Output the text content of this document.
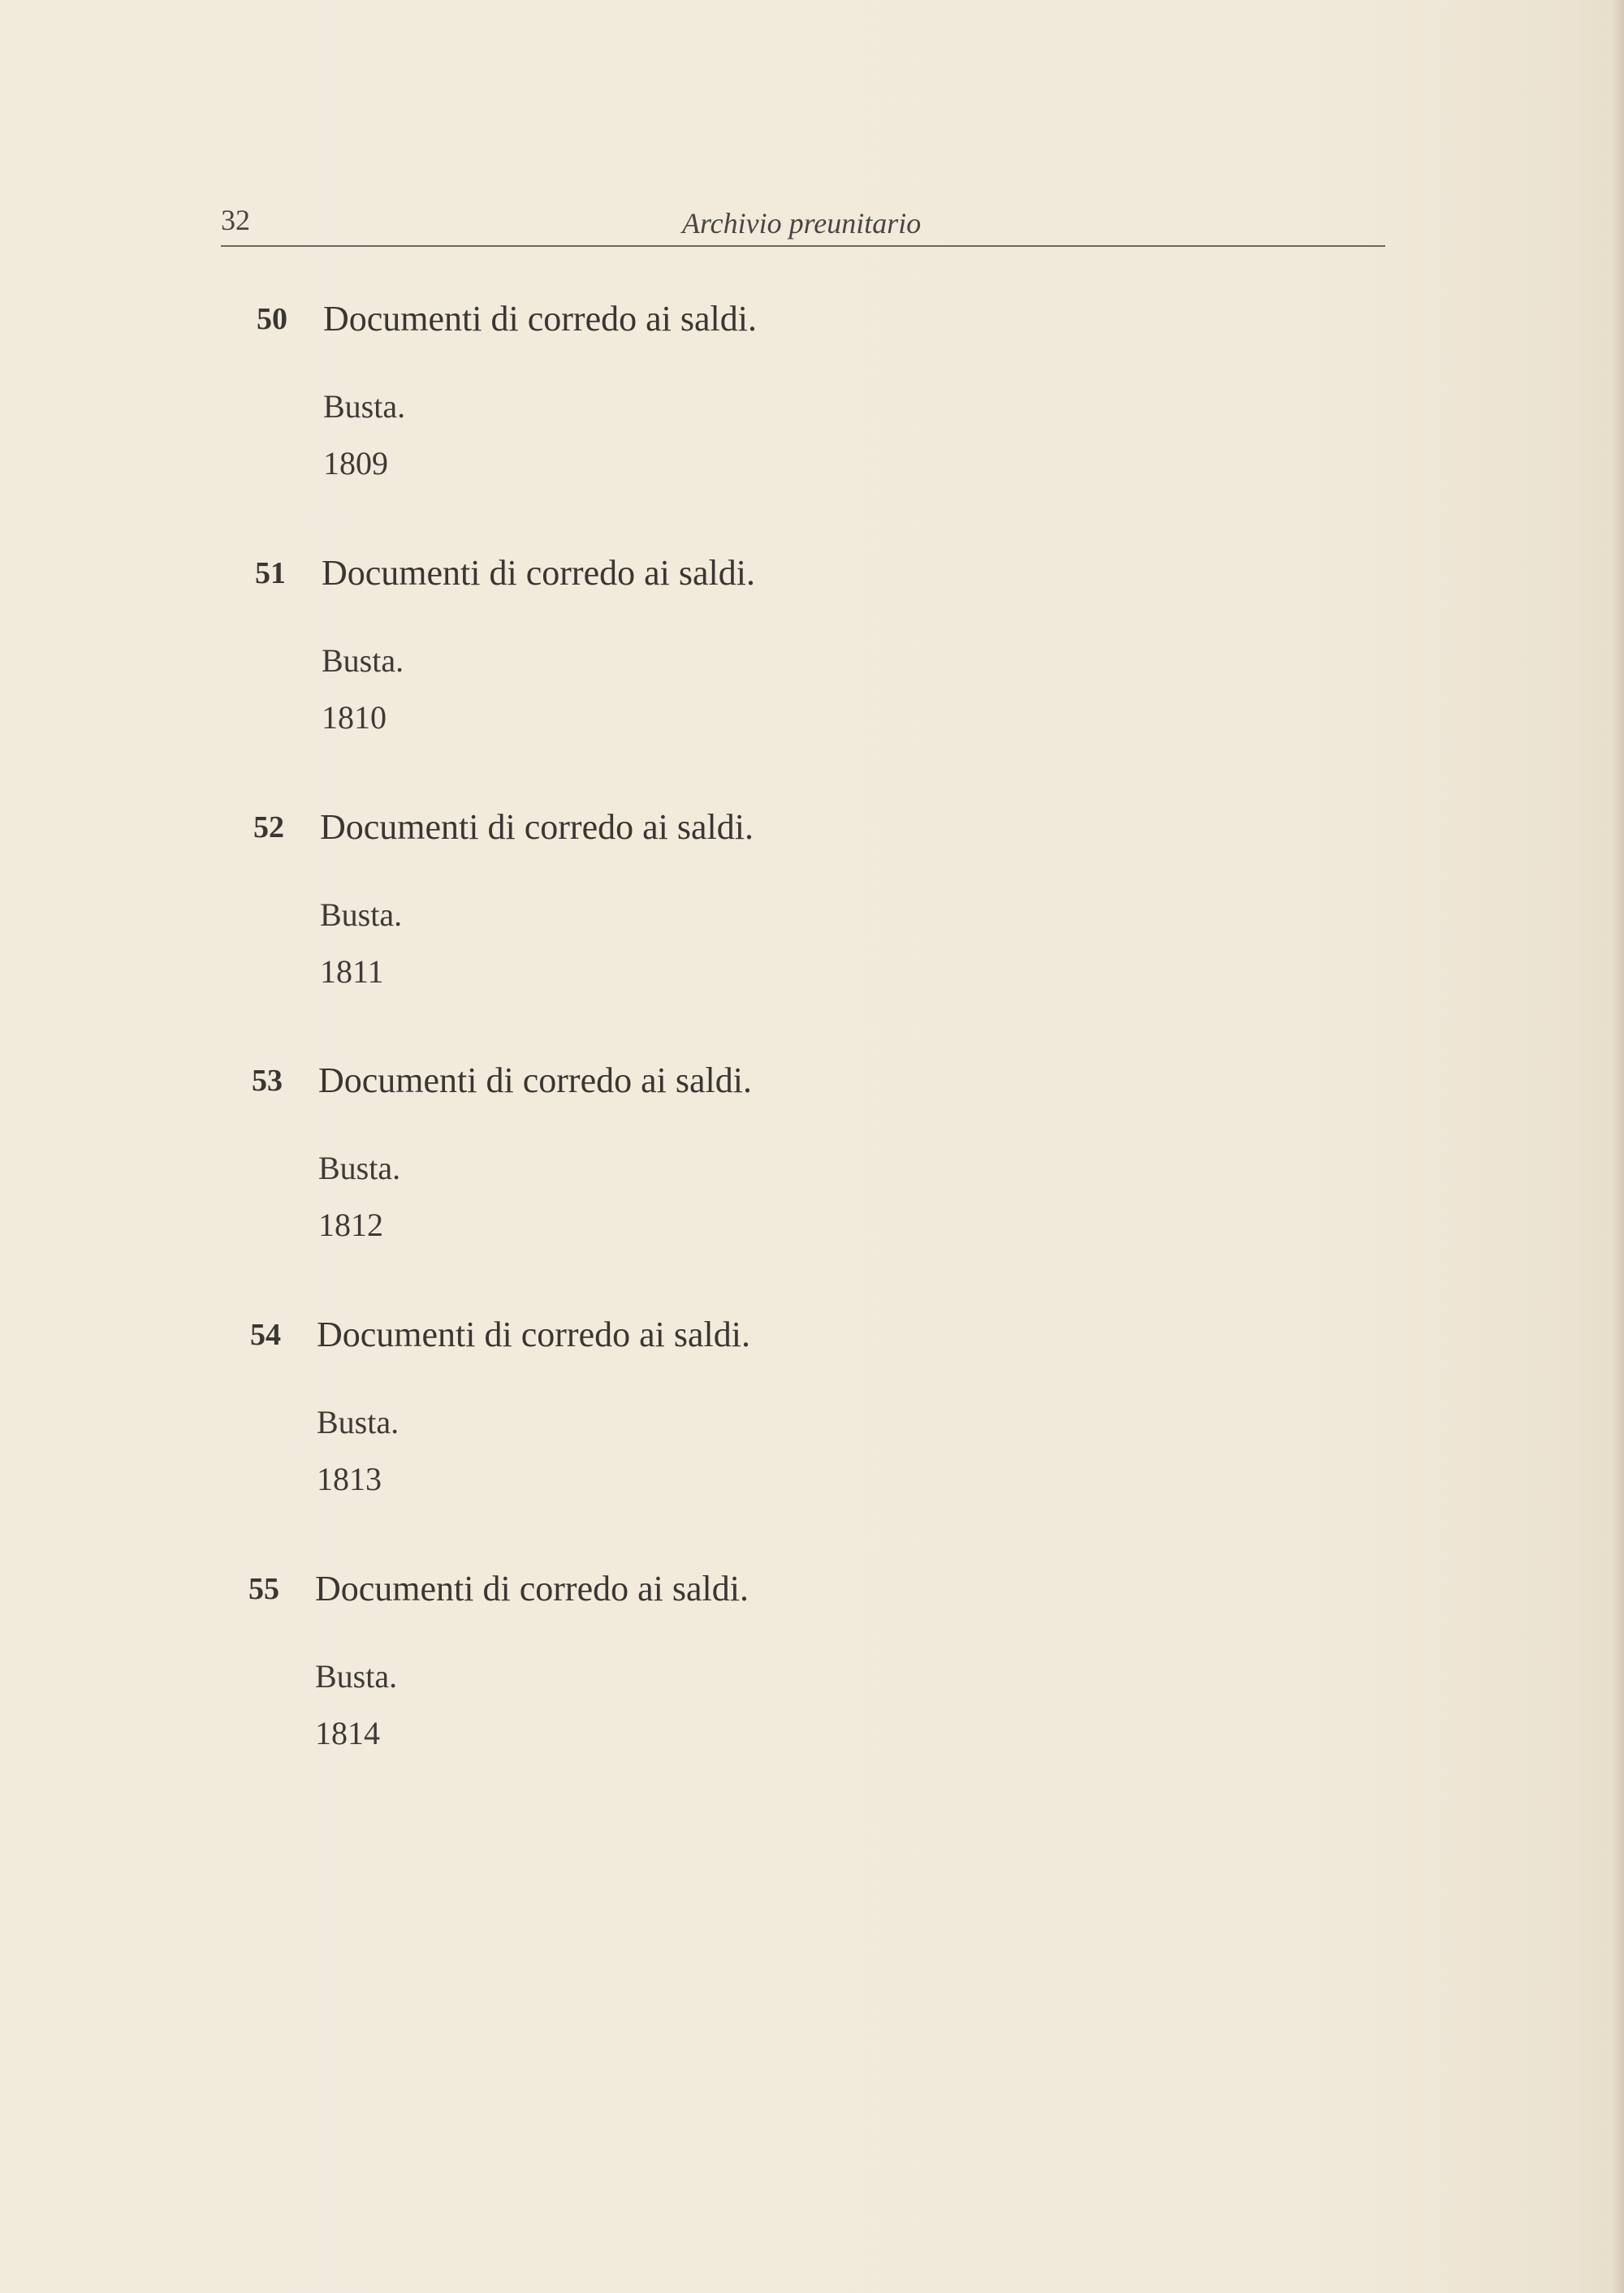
32	Archivio preunitario
50 Documenti di corredo ai saldi.
Busta.
1809
51 Documenti di corredo ai saldi.
Busta.
1810
52 Documenti di corredo ai saldi.
Busta.
1811
53 Documenti di corredo ai saldi.
Busta.
1812
54 Documenti di corredo ai saldi.
Busta.
1813
55 Documenti di corredo ai saldi.
Busta.
1814
